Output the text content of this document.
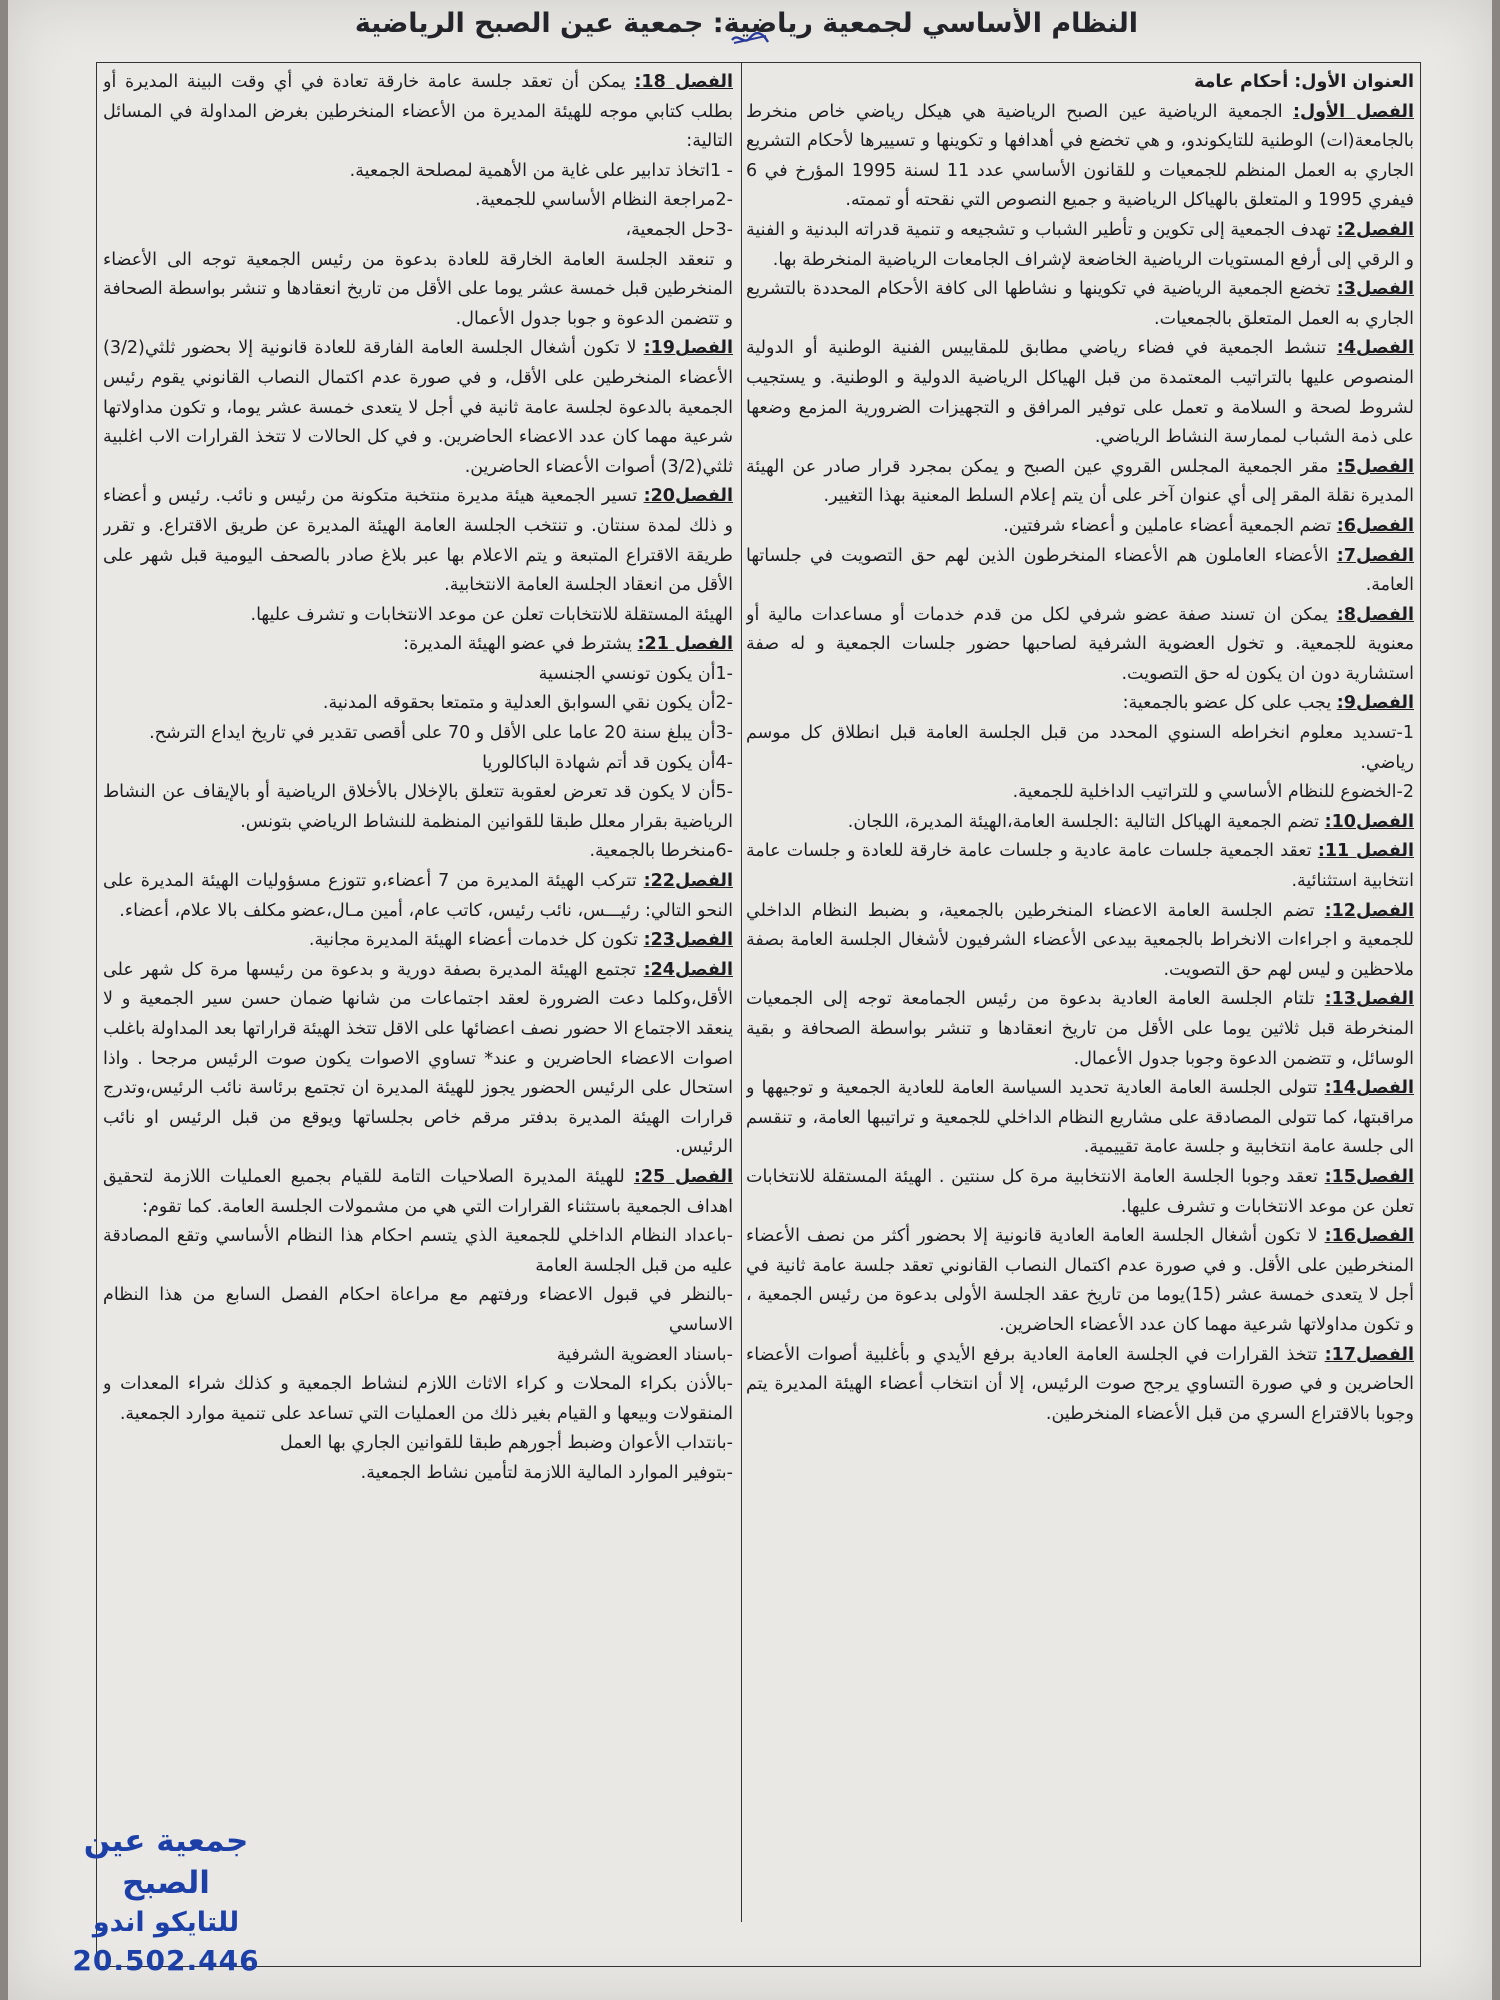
النظام الأساسي لجمعية رياضية: جمعية عين الصبح الرياضية

العنوان الأول: أحكام عامة

الفصل الأول: الجمعية الرياضية عين الصبح الرياضية هي هيكل رياضي خاص منخرط بالجامعة(ات) الوطنية للتايكوندو، و هي تخضع في أهدافها و تكوينها و تسييرها لأحكام التشريع الجاري به العمل المنظم للجمعيات و للقانون الأساسي عدد 11 لسنة 1995 المؤرخ في 6 فيفري 1995 و المتعلق بالهياكل الرياضية و جميع النصوص التي نقحته أو تممته.

الفصل2: تهدف الجمعية إلى تكوين و تأطير الشباب و تشجيعه و تنمية قدراته البدنية و الفنية و الرقي إلى أرفع المستويات الرياضية الخاضعة لإشراف الجامعات الرياضية المنخرطة بها.

الفصل3: تخضع الجمعية الرياضية في تكوينها و نشاطها الى كافة الأحكام المحددة بالتشريع الجاري به العمل المتعلق بالجمعيات.

الفصل4: تنشط الجمعية في فضاء رياضي مطابق للمقاييس الفنية الوطنية أو الدولية المنصوص عليها بالتراتيب المعتمدة من قبل الهياكل الرياضية الدولية و الوطنية. و يستجيب لشروط لصحة و السلامة و تعمل على توفير المرافق و التجهيزات الضرورية المزمع وضعها على ذمة الشباب لممارسة النشاط الرياضي.

الفصل5: مقر الجمعية المجلس القروي عين الصبح و يمكن بمجرد قرار صادر عن الهيئة المديرة نقلة المقر إلى أي عنوان آخر على أن يتم إعلام السلط المعنية بهذا التغيير.

الفصل6: تضم الجمعية أعضاء عاملين و أعضاء شرفتين.

الفصل7: الأعضاء العاملون هم الأعضاء المنخرطون الذين لهم حق التصويت في جلساتها العامة.

الفصل8: يمكن ان تسند صفة عضو شرفي لكل من قدم خدمات أو مساعدات مالية أو معنوية للجمعية. و تخول العضوية الشرفية لصاحبها حضور جلسات الجمعية و له صفة استشارية دون ان يكون له حق التصويت.

الفصل9: يجب على كل عضو بالجمعية:

1-تسديد معلوم انخراطه السنوي المحدد من قبل الجلسة العامة قبل انطلاق كل موسم رياضي.

2-الخضوع للنظام الأساسي و للتراتيب الداخلية للجمعية.

الفصل10: تضم الجمعية الهياكل التالية :الجلسة العامة،الهيئة المديرة، اللجان.

الفصل 11: تعقد الجمعية جلسات عامة عادية و جلسات عامة خارقة للعادة و جلسات عامة انتخابية استثنائية.

الفصل12: تضم الجلسة العامة الاعضاء المنخرطين بالجمعية، و بضبط النظام الداخلي للجمعية و اجراءات الانخراط بالجمعية بيدعى الأعضاء الشرفيون لأشغال الجلسة العامة بصفة ملاحظين و ليس لهم حق التصويت.

الفصل13: تلتام الجلسة العامة العادية بدعوة من رئيس الجمامعة توجه إلى الجمعيات المنخرطة قبل ثلاثين يوما على الأقل من تاريخ انعقادها و تنشر بواسطة الصحافة و بقية الوسائل، و تتضمن الدعوة وجوبا جدول الأعمال.

الفصل14: تتولى الجلسة العامة العادية تحديد السياسة العامة للعادية الجمعية و توجيهها و مراقبتها، كما تتولى المصادقة على مشاريع النظام الداخلي للجمعية و تراتيبها العامة، و تنقسم الى جلسة عامة انتخابية و جلسة عامة تقييمية.

الفصل15: تعقد وجوبا الجلسة العامة الانتخابية مرة كل سنتين . الهيئة المستقلة للانتخابات تعلن عن موعد الانتخابات و تشرف عليها.

الفصل16: لا تكون أشغال الجلسة العامة العادية قانونية إلا بحضور أكثر من نصف الأعضاء المنخرطين على الأقل. و في صورة عدم اكتمال النصاب القانوني تعقد جلسة عامة ثانية في أجل لا يتعدى خمسة عشر (15)يوما من تاريخ عقد الجلسة الأولى بدعوة من رئيس الجمعية ، و تكون مداولاتها شرعية مهما كان عدد الأعضاء الحاضرين.

الفصل17: تتخذ القرارات في الجلسة العامة العادية برفع الأيدي و بأغلبية أصوات الأعضاء الحاضرين و في صورة التساوي يرجح صوت الرئيس، إلا أن انتخاب أعضاء الهيئة المديرة يتم وجوبا بالاقتراع السري من قبل الأعضاء المنخرطين.

الفصل 18: يمكن أن تعقد جلسة عامة خارقة تعادة في أي وقت البينة المديرة أو بطلب كتابي موجه للهيئة المديرة من الأعضاء المنخرطين بغرض المداولة في المسائل التالية:

- 1اتخاذ تدابير على غاية من الأهمية لمصلحة الجمعية.

-2مراجعة النظام الأساسي للجمعية.

-3حل الجمعية،

و تنعقد الجلسة العامة الخارقة للعادة بدعوة من رئيس الجمعية توجه الى الأعضاء المنخرطين قبل خمسة عشر يوما على الأقل من تاريخ انعقادها و تنشر بواسطة الصحافة و تتضمن الدعوة و جوبا جدول الأعمال.

الفصل19: لا تكون أشغال الجلسة العامة الفارقة للعادة قانونية إلا بحضور ثلثي(3/2) الأعضاء المنخرطين على الأقل، و في صورة عدم اكتمال النصاب القانوني يقوم رئيس الجمعية بالدعوة لجلسة عامة ثانية في أجل لا يتعدى خمسة عشر يوما، و تكون مداولاتها شرعية مهما كان عدد الاعضاء الحاضرين. و في كل الحالات لا تتخذ القرارات الاب اغلبية ثلثي(3/2) أصوات الأعضاء الحاضرين.

الفصل20: تسير الجمعية هيئة مديرة منتخبة متكونة من رئيس و نائب. رئيس و أعضاء و ذلك لمدة سنتان. و تنتخب الجلسة العامة الهيئة المديرة عن طريق الاقتراع. و تقرر طريقة الاقتراع المتبعة و يتم الاعلام بها عبر بلاغ صادر بالصحف اليومية قبل شهر على الأقل من انعقاد الجلسة العامة الانتخابية.

الهيئة المستقلة للانتخابات تعلن عن موعد الانتخابات و تشرف عليها.

الفصل 21: يشترط في عضو الهيئة المديرة:

-1أن يكون تونسي الجنسية

-2أن يكون نقي السوابق العدلية و متمتعا بحقوقه المدنية.

-3أن يبلغ سنة 20 عاما على الأقل و 70 على أقصى تقدير في تاريخ ايداع الترشح.

-4أن يكون قد أتم شهادة الباكالوريا

-5أن لا يكون قد تعرض لعقوبة تتعلق بالإخلال بالأخلاق الرياضية أو بالإيقاف عن النشاط الرياضية بقرار معلل طبقا للقوانين المنظمة للنشاط الرياضي بتونس.

-6منخرطا بالجمعية.

الفصل22: تتركب الهيئة المديرة من 7 أعضاء،و تتوزع مسؤوليات الهيئة المديرة على النحو التالي: رئيـــس، نائب رئيس، كاتب عام، أمين مـال،عضو مكلف بالا علام، أعضاء.

الفصل23: تكون كل خدمات أعضاء الهيئة المديرة مجانية.

الفصل24: تجتمع الهيئة المديرة بصفة دورية و بدعوة من رئيسها مرة كل شهر على الأقل،وكلما دعت الضرورة لعقد اجتماعات من شانها ضمان حسن سير الجمعية و لا ينعقد الاجتماع الا حضور نصف اعضائها على الاقل تتخذ الهيئة قراراتها بعد المداولة باغلب اصوات الاعضاء الحاضرين و عند* تساوي الاصوات يكون صوت الرئيس مرجحا . واذا استحال على الرئيس الحضور يجوز للهيئة المديرة ان تجتمع برئاسة نائب الرئيس،وتدرج قرارات الهيئة المديرة بدفتر مرقم خاص بجلساتها ويوقع من قبل الرئيس او نائب الرئيس.

الفصل 25: للهيئة المديرة الصلاحيات التامة للقيام بجميع العمليات اللازمة لتحقيق اهداف الجمعية باستثناء القرارات التي هي من مشمولات الجلسة العامة. كما تقوم:

-باعداد النظام الداخلي للجمعية الذي يتسم احكام هذا النظام الأساسي وتقع المصادقة عليه من قبل الجلسة العامة

-بالنظر في قبول الاعضاء ورفتهم مع مراعاة احكام الفصل السابع من هذا النظام الاساسي

-باسناد العضوية الشرفية

-بالأذن بكراء المحلات و كراء الاثاث اللازم لنشاط الجمعية و كذلك شراء المعدات و المنقولات وبيعها و القيام بغير ذلك من العمليات التي تساعد على تنمية موارد الجمعية.

-بانتداب الأعوان وضبط أجورهم طبقا للقوانين الجاري بها العمل

-بتوفير الموارد المالية اللازمة لتأمين نشاط الجمعية.

جمعية عين الصبح
للتايكو اندو
20.502.446
